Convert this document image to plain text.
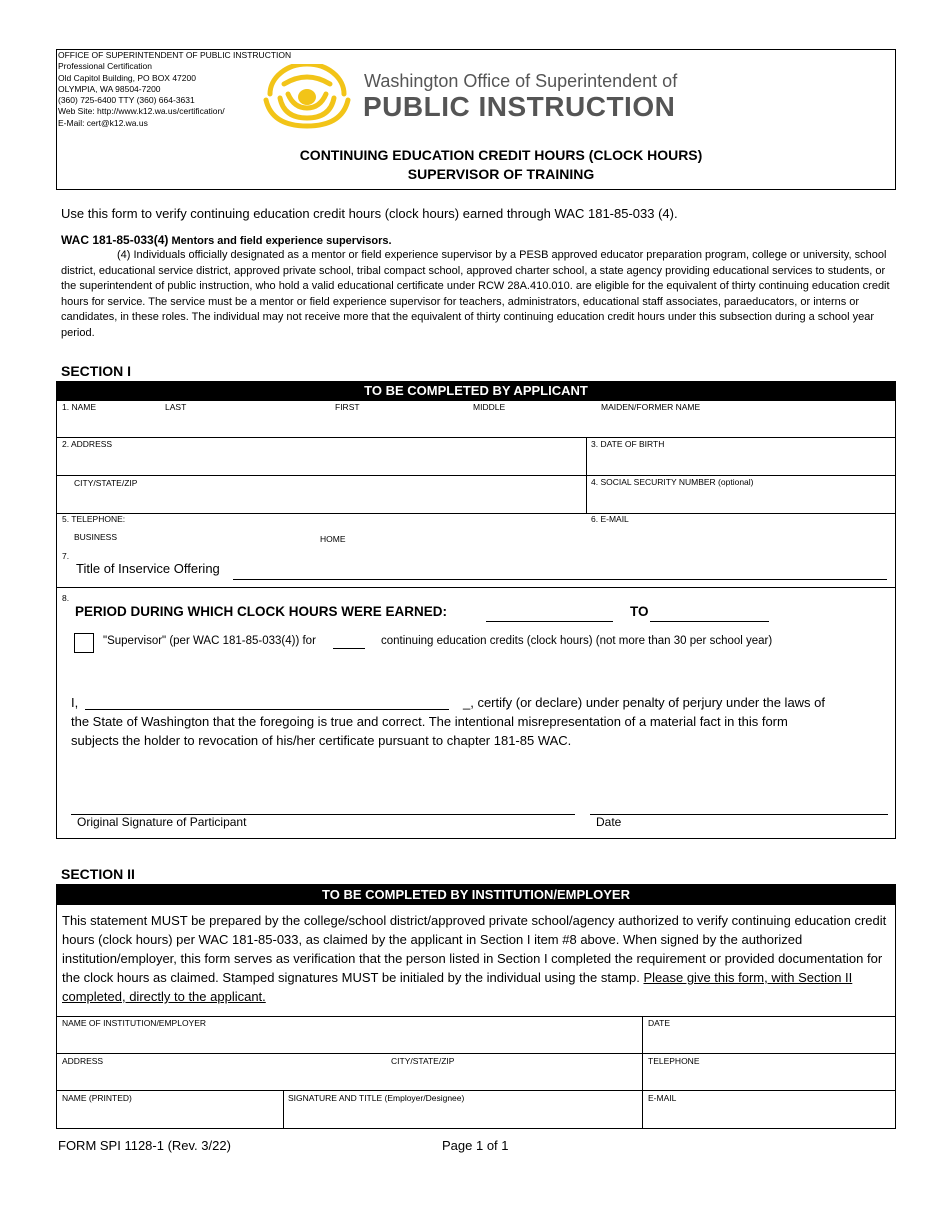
OFFICE OF SUPERINTENDENT OF PUBLIC INSTRUCTION
Professional Certification
Old Capitol Building, PO BOX 47200
OLYMPIA, WA 98504-7200
(360) 725-6400 TTY (360) 664-3631
Web Site: http://www.k12.wa.us/certification/
E-Mail: cert@k12.wa.us
Washington Office of Superintendent of
PUBLIC INSTRUCTION
CONTINUING EDUCATION CREDIT HOURS (CLOCK HOURS)
SUPERVISOR OF TRAINING
Use this form to verify continuing education credit hours (clock hours) earned through WAC 181-85-033 (4).
WAC 181-85-033(4) Mentors and field experience supervisors.
(4) Individuals officially designated as a mentor or field experience supervisor by a PESB approved educator preparation program, college or university, school district, educational service district, approved private school, tribal compact school, approved charter school, a state agency providing educational services to students, or the superintendent of public instruction, who hold a valid educational certificate under RCW 28A.410.010. are eligible for the equivalent of thirty continuing education credit hours for service. The service must be a mentor or field experience supervisor for teachers, administrators, educational staff associates, paraeducators, or interns or candidates, in these roles. The individual may not receive more that the equivalent of thirty continuing education credit hours under this subsection during a school year period.
SECTION I
TO BE COMPLETED BY APPLICANT
1. NAME	LAST	FIRST	MIDDLE	MAIDEN/FORMER NAME
2. ADDRESS	3. DATE OF BIRTH
CITY/STATE/ZIP	4. SOCIAL SECURITY NUMBER (optional)
5. TELEPHONE:	6. E-MAIL
BUSINESS	HOME
7.
Title of Inservice Offering
8.
PERIOD DURING WHICH CLOCK HOURS WERE EARNED:	TO
"Supervisor" (per WAC 181-85-033(4)) for	continuing education credits (clock hours) (not more than 30 per school year)
I,	_, certify (or declare) under penalty of perjury under the laws of
the State of Washington that the foregoing is true and correct. The intentional misrepresentation of a material fact in this form
subjects the holder to revocation of his/her certificate pursuant to chapter 181-85 WAC.
Original Signature of Participant	Date
SECTION II
TO BE COMPLETED BY INSTITUTION/EMPLOYER
This statement MUST be prepared by the college/school district/approved private school/agency authorized to verify continuing education credit hours (clock hours) per WAC 181-85-033, as claimed by the applicant in Section I item #8 above. When signed by the authorized institution/employer, this form serves as verification that the person listed in Section I completed the requirement or provided documentation for the clock hours as claimed. Stamped signatures MUST be initialed by the individual using the stamp. Please give this form, with Section II completed, directly to the applicant.
NAME OF INSTITUTION/EMPLOYER	DATE
ADDRESS	CITY/STATE/ZIP	TELEPHONE
NAME (PRINTED)	SIGNATURE AND TITLE (Employer/Designee)	E-MAIL
FORM SPI 1128-1 (Rev. 3/22)	Page 1 of 1
